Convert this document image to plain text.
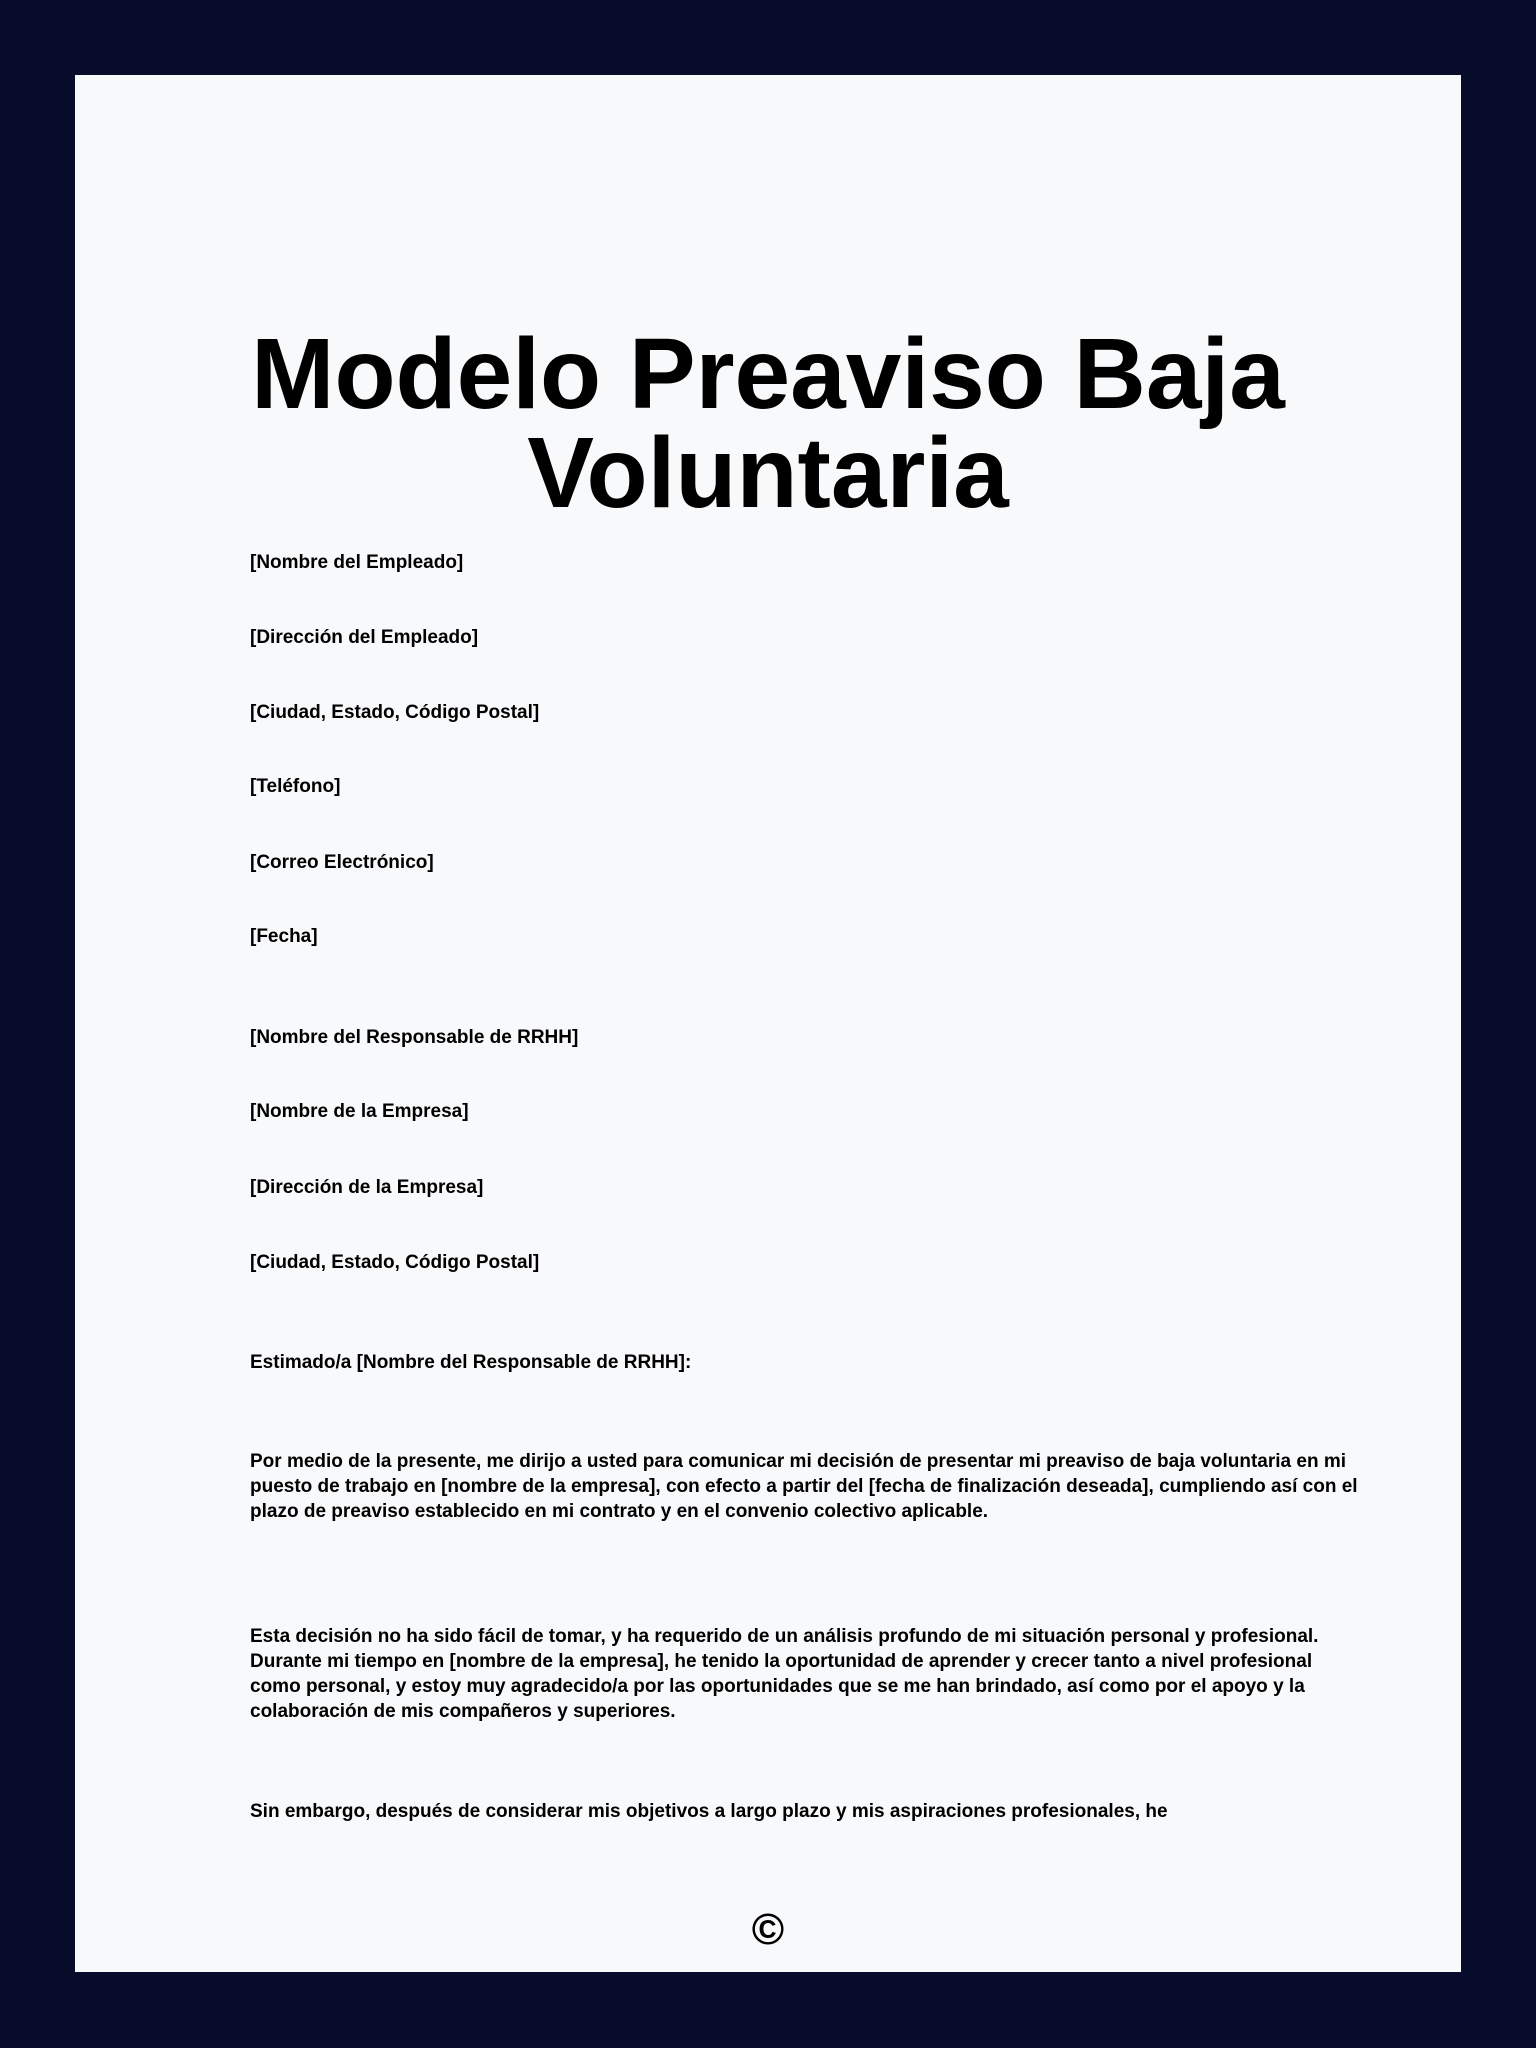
Modelo Preaviso Baja Voluntaria

[Nombre del Empleado]

[Dirección del Empleado]

[Ciudad, Estado, Código Postal]

[Teléfono]

[Correo Electrónico]

[Fecha]

[Nombre del Responsable de RRHH]

[Nombre de la Empresa]

[Dirección de la Empresa]

[Ciudad, Estado, Código Postal]

Estimado/a [Nombre del Responsable de RRHH]:

Por medio de la presente, me dirijo a usted para comunicar mi decisión de presentar mi preaviso de baja voluntaria en mi puesto de trabajo en [nombre de la empresa], con efecto a partir del [fecha de finalización deseada], cumpliendo así con el plazo de preaviso establecido en mi contrato y en el convenio colectivo aplicable.

Esta decisión no ha sido fácil de tomar, y ha requerido de un análisis profundo de mi situación personal y profesional. Durante mi tiempo en [nombre de la empresa], he tenido la oportunidad de aprender y crecer tanto a nivel profesional como personal, y estoy muy agradecido/a por las oportunidades que se me han brindado, así como por el apoyo y la colaboración de mis compañeros y superiores.

Sin embargo, después de considerar mis objetivos a largo plazo y mis aspiraciones profesionales, he

©
